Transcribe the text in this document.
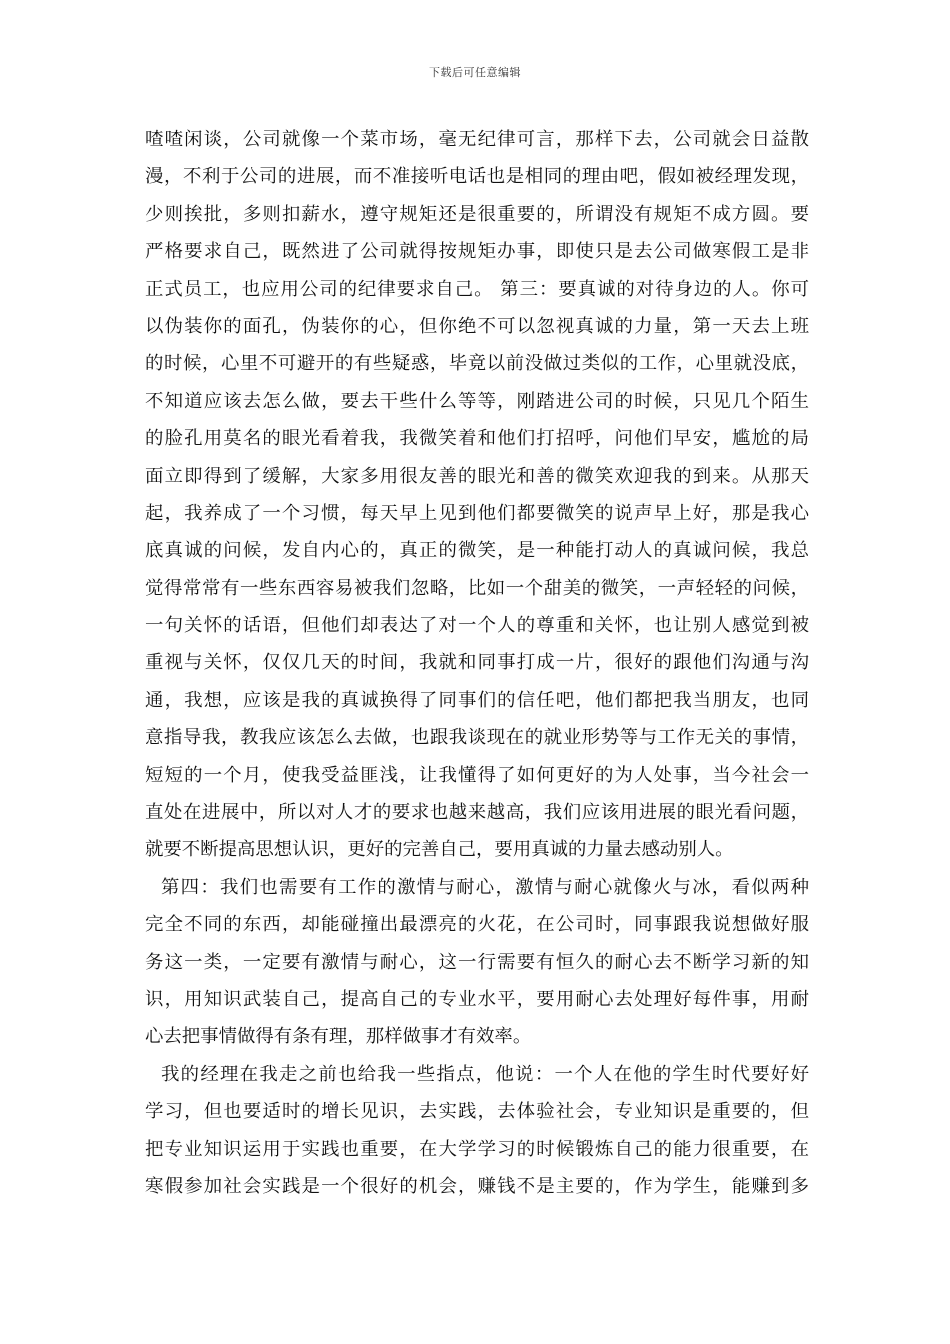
下载后可任意编辑
喳喳闲谈，公司就像一个菜市场，毫无纪律可言，那样下去，公司就会日益散
漫，不利于公司的进展，而不准接听电话也是相同的理由吧，假如被经理发现，
少则挨批，多则扣薪水，遵守规矩还是很重要的，所谓没有规矩不成方圆。要
严格要求自己，既然进了公司就得按规矩办事，即使只是去公司做寒假工是非
正式员工，也应用公司的纪律要求自己。 第三：要真诚的对待身边的人。你可
以伪装你的面孔，伪装你的心，但你绝不可以忽视真诚的力量，第一天去上班
的时候，心里不可避开的有些疑惑，毕竟以前没做过类似的工作，心里就没底，
不知道应该去怎么做，要去干些什么等等，刚踏进公司的时候，只见几个陌生
的脸孔用莫名的眼光看着我，我微笑着和他们打招呼，问他们早安，尴尬的局
面立即得到了缓解，大家多用很友善的眼光和善的微笑欢迎我的到来。从那天
起，我养成了一个习惯，每天早上见到他们都要微笑的说声早上好，那是我心
底真诚的问候，发自内心的，真正的微笑，是一种能打动人的真诚问候，我总
觉得常常有一些东西容易被我们忽略，比如一个甜美的微笑，一声轻轻的问候，
一句关怀的话语，但他们却表达了对一个人的尊重和关怀，也让别人感觉到被
重视与关怀，仅仅几天的时间，我就和同事打成一片，很好的跟他们沟通与沟
通，我想，应该是我的真诚换得了同事们的信任吧，他们都把我当朋友，也同
意指导我，教我应该怎么去做，也跟我谈现在的就业形势等与工作无关的事情，
短短的一个月，使我受益匪浅，让我懂得了如何更好的为人处事，当今社会一
直处在进展中，所以对人才的要求也越来越高，我们应该用进展的眼光看问题，
就要不断提高思想认识，更好的完善自己，要用真诚的力量去感动别人。
第四：我们也需要有工作的激情与耐心，激情与耐心就像火与冰，看似两种
完全不同的东西，却能碰撞出最漂亮的火花，在公司时，同事跟我说想做好服
务这一类，一定要有激情与耐心，这一行需要有恒久的耐心去不断学习新的知
识，用知识武装自己，提高自己的专业水平，要用耐心去处理好每件事，用耐
心去把事情做得有条有理，那样做事才有效率。
我的经理在我走之前也给我一些指点，他说：一个人在他的学生时代要好好
学习，但也要适时的增长见识，去实践，去体验社会，专业知识是重要的，但
把专业知识运用于实践也重要，在大学学习的时候锻炼自己的能力很重要，在
寒假参加社会实践是一个很好的机会，赚钱不是主要的，作为学生，能赚到多
